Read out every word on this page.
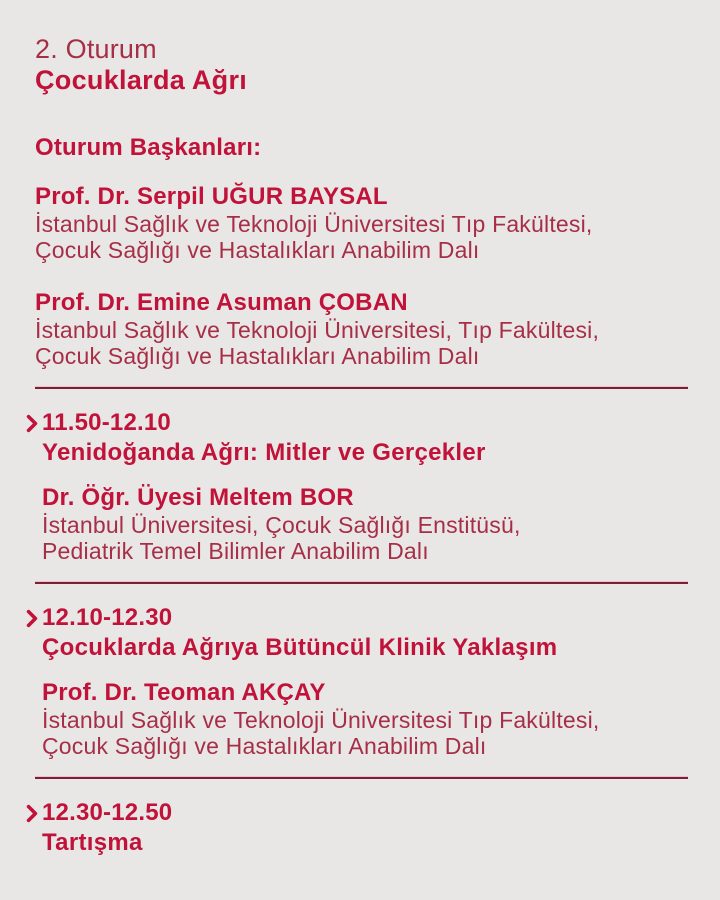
2. Oturum
Çocuklarda Ağrı
Oturum Başkanları:
Prof. Dr. Serpil UĞUR BAYSAL
İstanbul Sağlık ve Teknoloji Üniversitesi Tıp Fakültesi,
Çocuk Sağlığı ve Hastalıkları Anabilim Dalı
Prof. Dr. Emine Asuman ÇOBAN
İstanbul Sağlık ve Teknoloji Üniversitesi, Tıp Fakültesi,
Çocuk Sağlığı ve Hastalıkları Anabilim Dalı
11.50-12.10
Yenidoğanda Ağrı: Mitler ve Gerçekler
Dr. Öğr. Üyesi Meltem BOR
İstanbul Üniversitesi, Çocuk Sağlığı Enstitüsü,
Pediatrik Temel Bilimler Anabilim Dalı
12.10-12.30
Çocuklarda Ağrıya Bütüncül Klinik Yaklaşım
Prof. Dr. Teoman AKÇAY
İstanbul Sağlık ve Teknoloji Üniversitesi Tıp Fakültesi,
Çocuk Sağlığı ve Hastalıkları Anabilim Dalı
12.30-12.50
Tartışma
